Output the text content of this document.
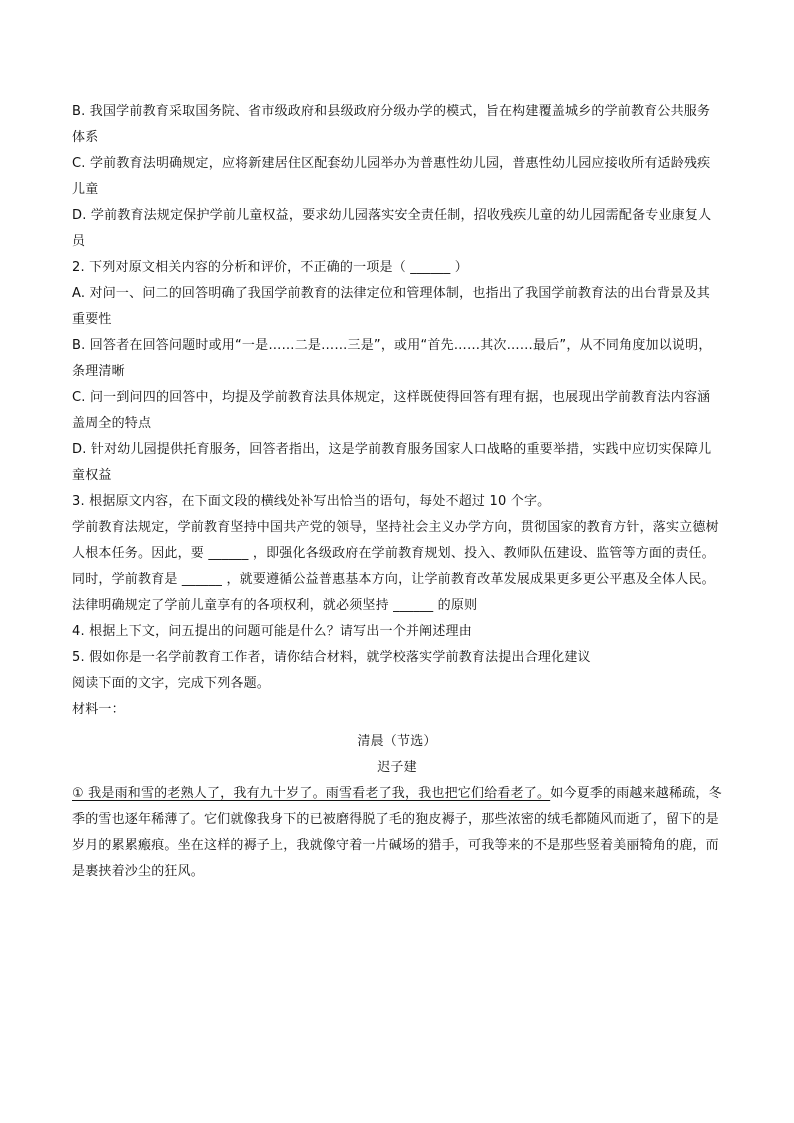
B. 我国学前教育采取国务院、省市级政府和县级政府分级办学的模式，旨在构建覆盖城乡的学前教育公共服务体系

C. 学前教育法明确规定，应将新建居住区配套幼儿园举办为普惠性幼儿园，普惠性幼儿园应接收所有适龄残疾儿童

D. 学前教育法规定保护学前儿童权益，要求幼儿园落实安全责任制，招收残疾儿童的幼儿园需配备专业康复人员

2. 下列对原文相关内容的分析和评价，不正确的一项是（ ______ ）

A. 对问一、问二的回答明确了我国学前教育的法律定位和管理体制，也指出了我国学前教育法的出台背景及其重要性

B. 回答者在回答问题时或用“一是……二是……三是”，或用“首先……其次……最后”，从不同角度加以说明，条理清晰

C. 问一到问四的回答中，均提及学前教育法具体规定，这样既使得回答有理有据，也展现出学前教育法内容涵盖周全的特点

D. 针对幼儿园提供托育服务，回答者指出，这是学前教育服务国家人口战略的重要举措，实践中应切实保障儿童权益

3. 根据原文内容，在下面文段的横线处补写出恰当的语句，每处不超过 10 个字。

学前教育法规定，学前教育坚持中国共产党的领导，坚持社会主义办学方向，贯彻国家的教育方针，落实立德树人根本任务。因此，要 ______ ，即强化各级政府在学前教育规划、投入、教师队伍建设、监管等方面的责任。同时，学前教育是 ______ ，就要遵循公益普惠基本方向，让学前教育改革发展成果更多更公平惠及全体人民。法律明确规定了学前儿童享有的各项权利，就必须坚持 ______ 的原则

4. 根据上下文，问五提出的问题可能是什么？请写出一个并阐述理由

5. 假如你是一名学前教育工作者，请你结合材料，就学校落实学前教育法提出合理化建议

阅读下面的文字，完成下列各题。

材料一：

清晨（节选）

迟子建

① 我是雨和雪的老熟人了，我有九十岁了。雨雪看老了我，我也把它们给看老了。如今夏季的雨越来越稀疏，冬季的雪也逐年稀薄了。它们就像我身下的已被磨得脱了毛的狍皮褥子，那些浓密的绒毛都随风而逝了，留下的是岁月的累累瘢痕。坐在这样的褥子上，我就像守着一片碱场的猎手，可我等来的不是那些竖着美丽犄角的鹿，而是裹挟着沙尘的狂风。
